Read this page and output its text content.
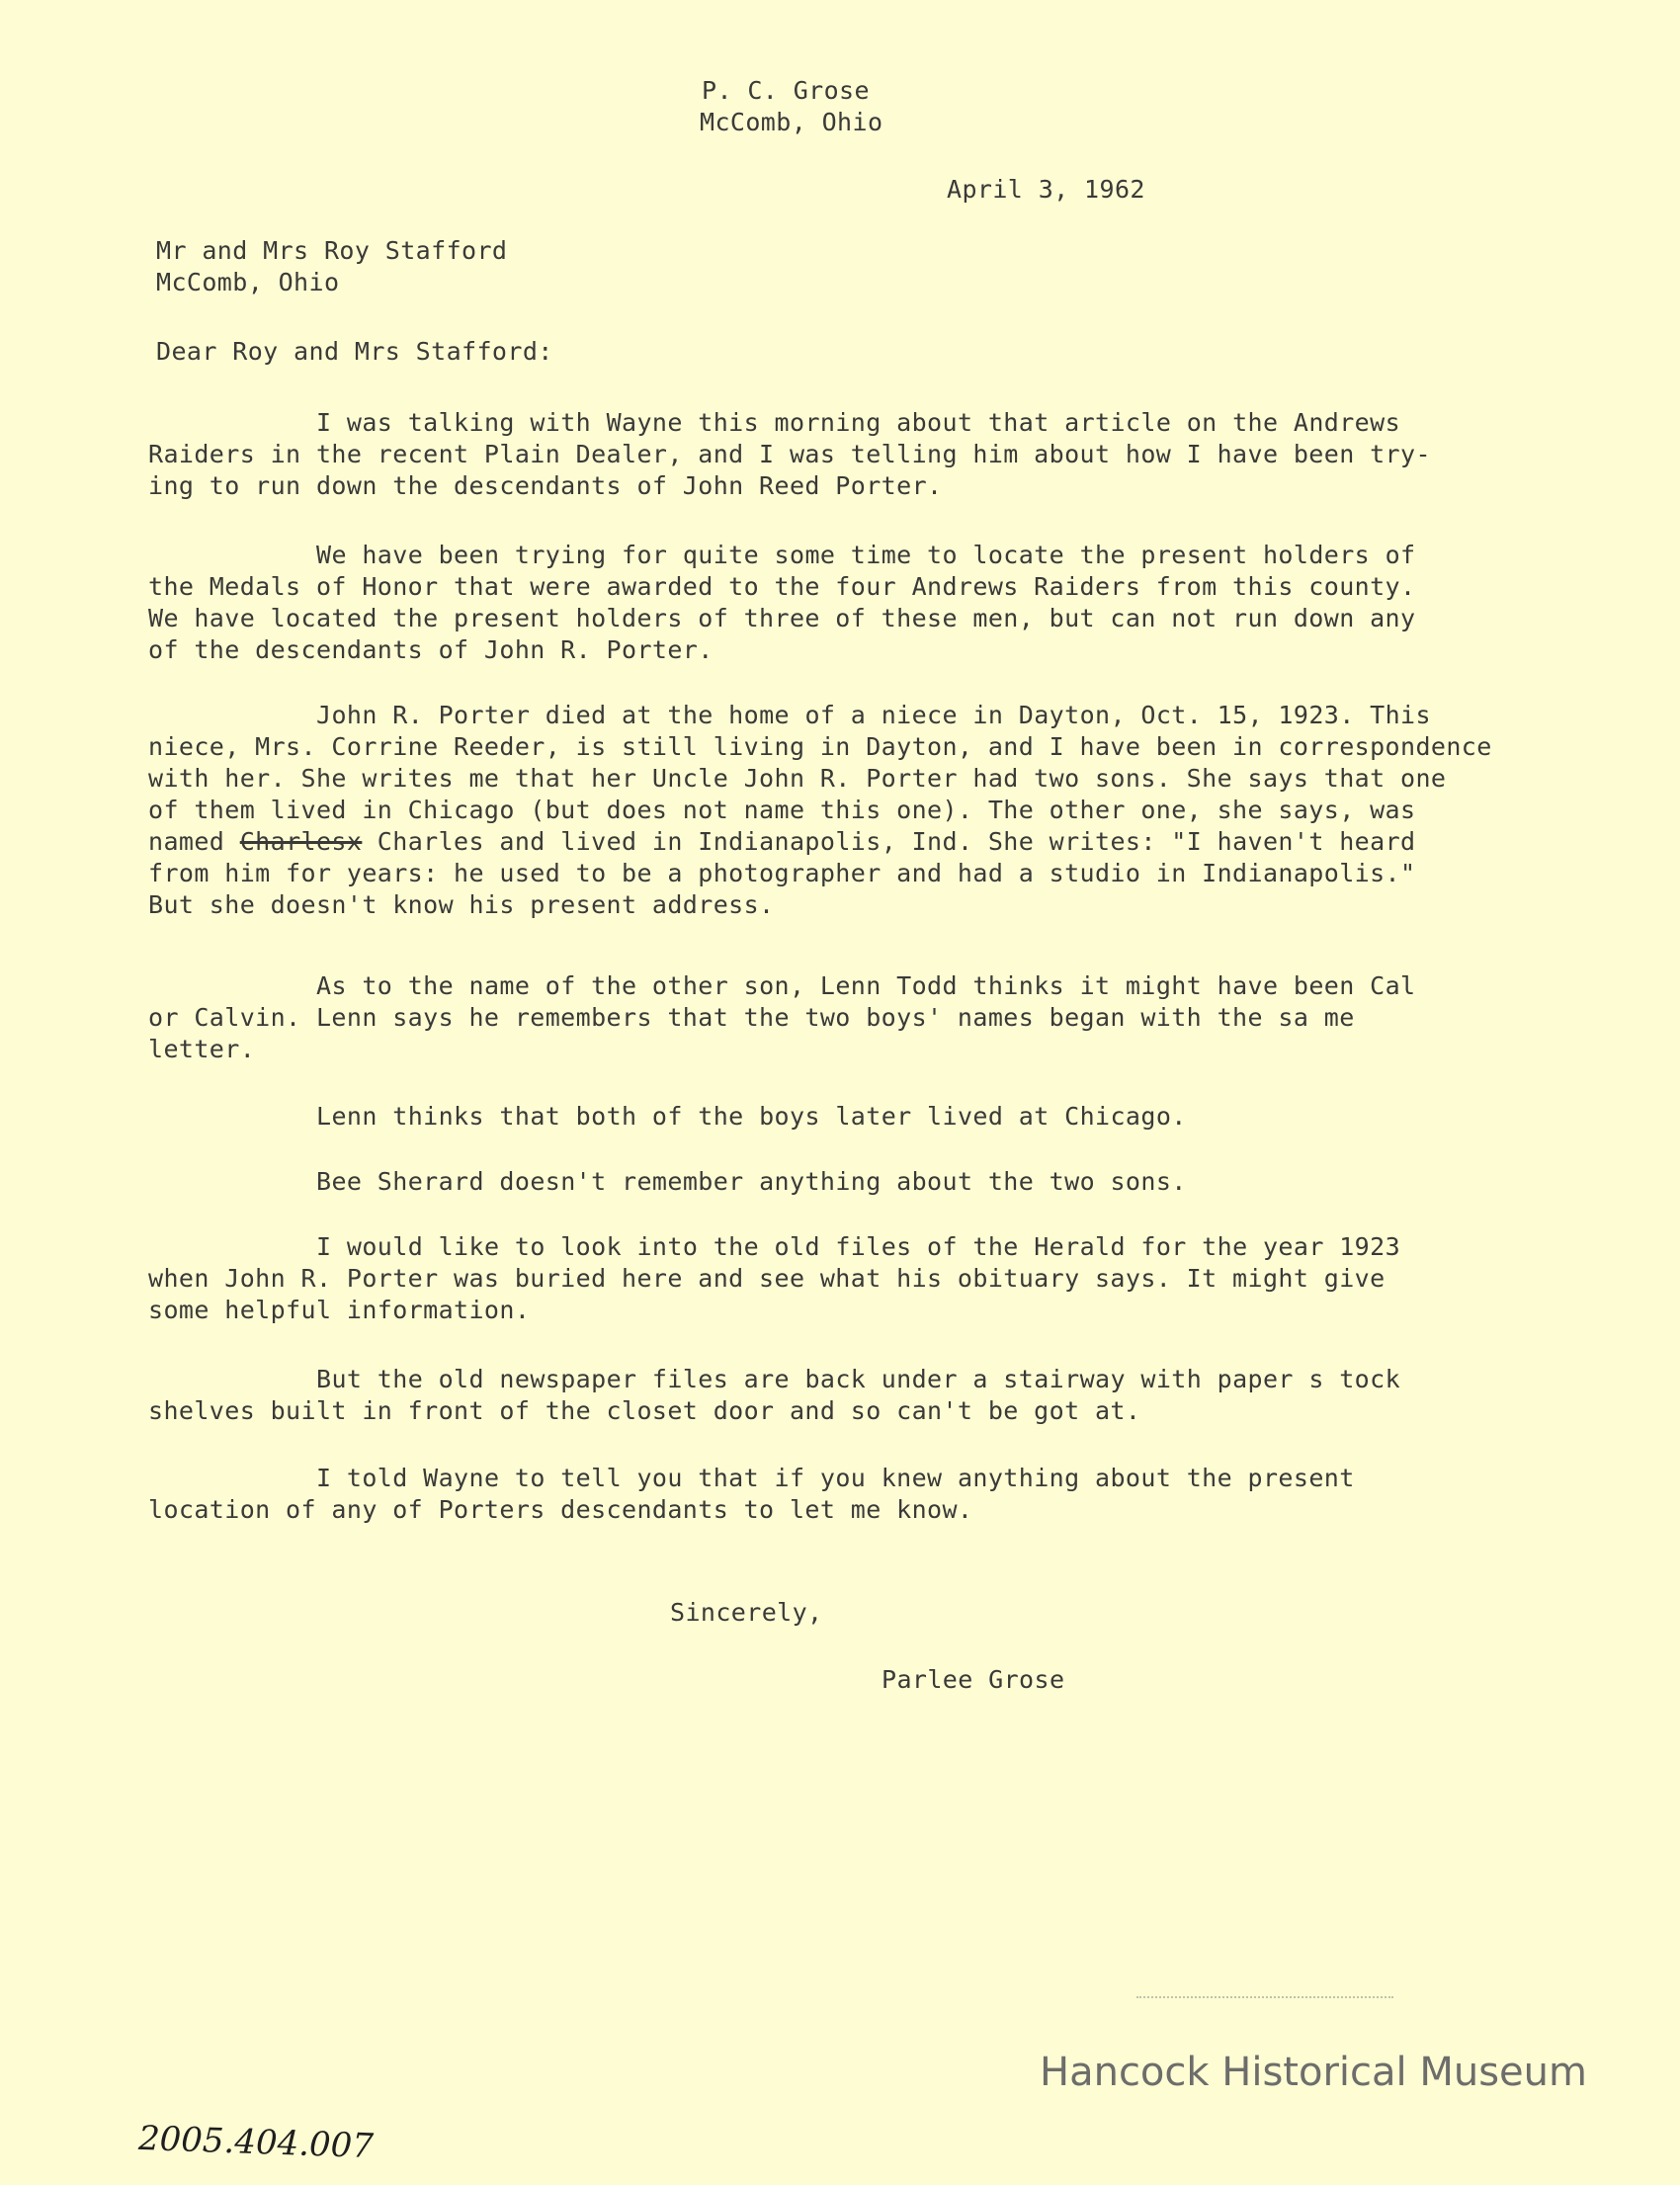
P. C. Grose
McComb, Ohio
April 3, 1962
Mr and Mrs Roy Stafford
McComb, Ohio
Dear Roy and Mrs Stafford:

I was talking with Wayne this morning about that article on the Andrews

Raiders in the recent Plain Dealer, and I was telling him about how I have been try-

ing to run down the descendants of John Reed Porter.

We have been trying for quite some time to locate the present holders of

the Medals of Honor that were awarded to the four Andrews Raiders from this county.

We have located the present holders of three of these men, but can not run down any

of the descendants of John R. Porter.

John R. Porter died at the home of a niece in Dayton, Oct. 15, 1923. This

niece, Mrs. Corrine Reeder, is still living in Dayton, and I have been in correspondence

with her. She writes me that her Uncle John R. Porter had two sons. She says that one

of them lived in Chicago (but does not name this one). The other one, she says, was

named Charlesx Charles and lived in Indianapolis, Ind. She writes: "I haven't heard

from him for years: he used to be a photographer and had a studio in Indianapolis."

But she doesn't know his present address.

As to the name of the other son, Lenn Todd thinks it might have been Cal

or Calvin. Lenn says he remembers that the two boys' names began with the sa me

letter.

Lenn thinks that both of the boys later lived at Chicago.

Bee Sherard doesn't remember anything about the two sons.

I would like to look into the old files of the Herald for the year 1923

when John R. Porter was buried here and see what his obituary says. It might give

some helpful information.

But the old newspaper files are back under a stairway with paper s tock

shelves built in front of the closet door and so can't be got at.

I told Wayne to tell you that if you knew anything about the present

location of any of Porters descendants to let me know.

Sincerely,
Parlee Grose
Hancock Historical Museum
2005.404.007
